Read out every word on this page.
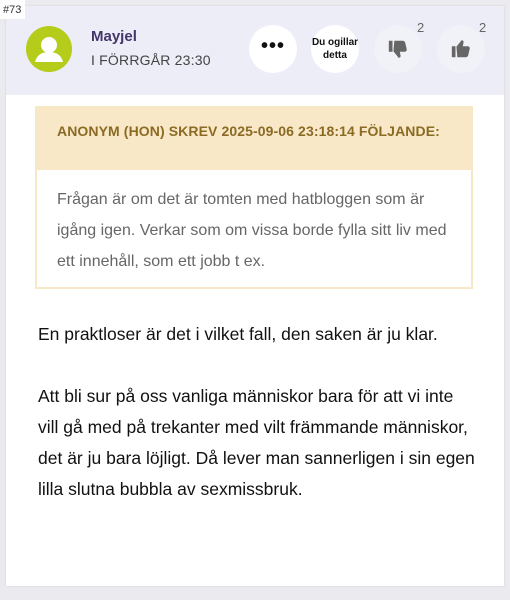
Mayjel
I FÖRRGÅR 23:30
•••	Du ogillar detta
2	2
ANONYM (HON) SKREV 2025-09-06 23:18:14 FÖLJANDE:
Frågan är om det är tomten med hatbloggen som är igång igen. Verkar som om vissa borde fylla sitt liv med ett innehåll, som ett jobb t ex.

En praktloser är det i vilket fall, den saken är ju klar.

Att bli sur på oss vanliga människor bara för att vi inte vill gå med på trekanter med vilt främmande människor, det är ju bara löjligt. Då lever man sannerligen i sin egen lilla slutna bubbla av sexmissbruk.

#73
